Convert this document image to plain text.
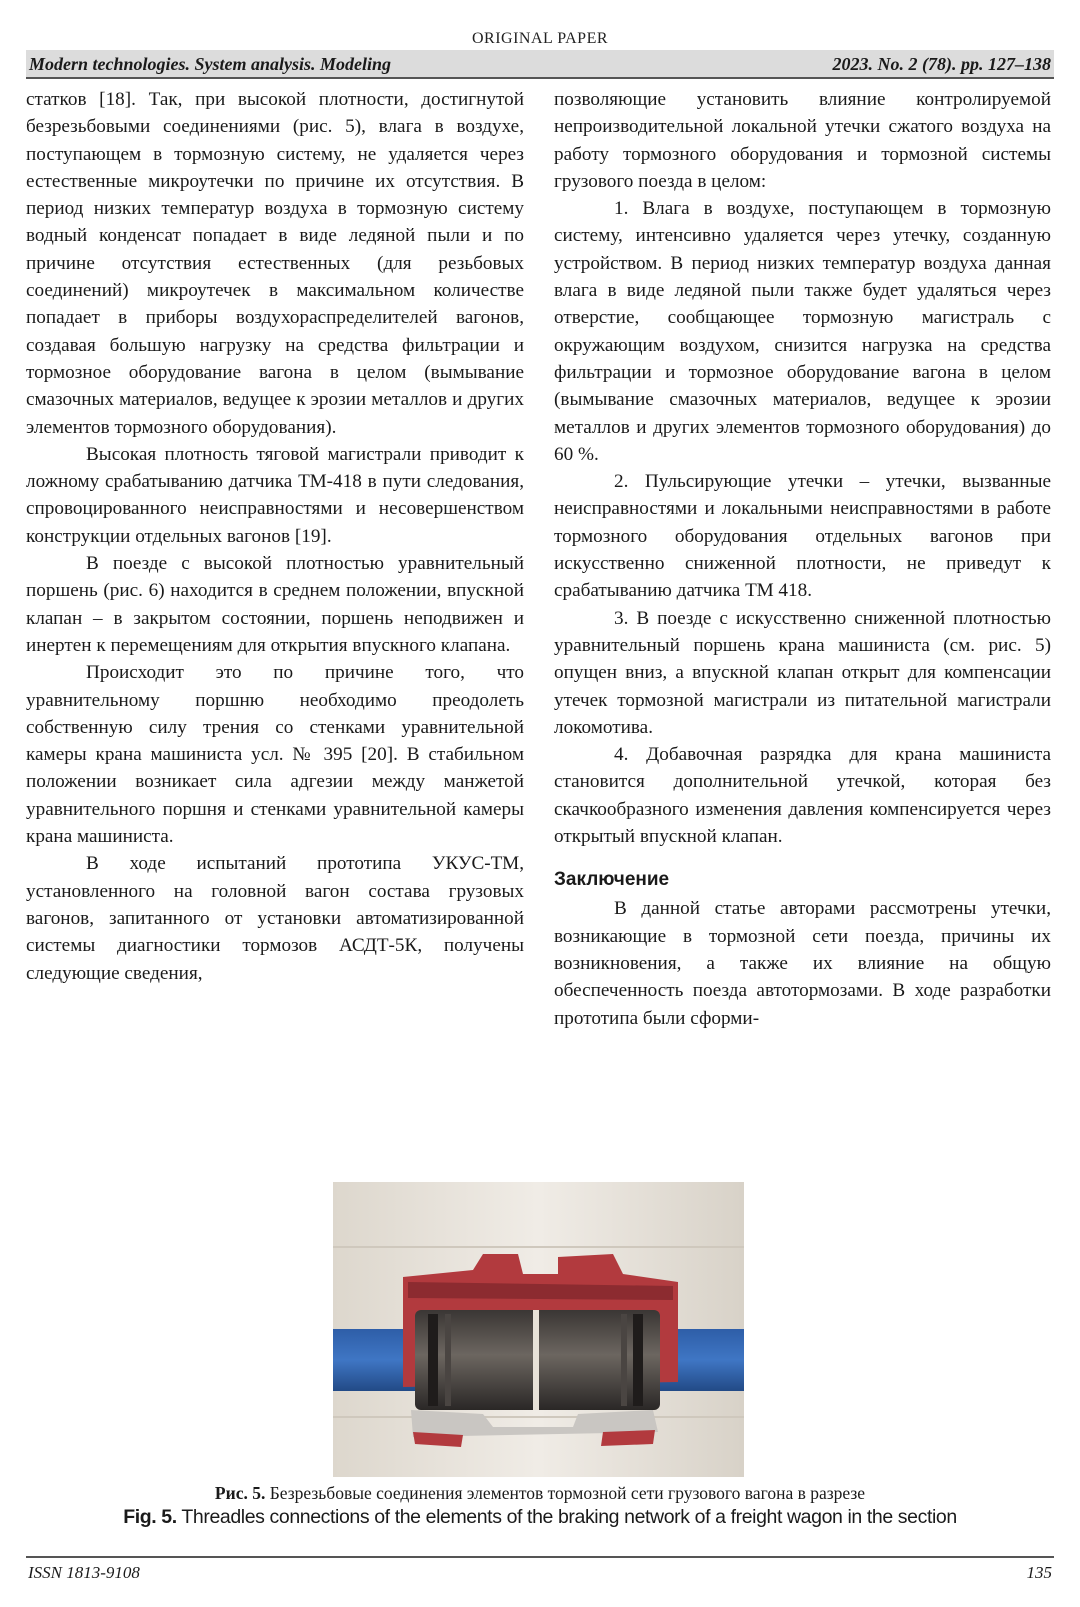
ORIGINAL PAPER
Modern technologies. System analysis. Modeling	2023. No. 2 (78). pp. 127–138

статков [18]. Так, при высокой плотности, достигнутой безрезьбовыми соединениями (рис. 5), влага в воздухе, поступающем в тормозную систему, не удаляется через естественные микроутечки по причине их отсутствия. В период низких температур воздуха в тормозную систему водный конденсат попадает в виде ледяной пыли и по причине отсутствия естественных (для резьбовых соединений) микроутечек в максимальном количестве попадает в приборы воздухораспределителей вагонов, создавая большую нагрузку на средства фильтрации и тормозное оборудование вагона в целом (вымывание смазочных материалов, ведущее к эрозии металлов и других элементов тормозного оборудования).

Высокая плотность тяговой магистрали приводит к ложному срабатыванию датчика ТМ-418 в пути следования, спровоцированного неисправностями и несовершенством конструкции отдельных вагонов [19].

В поезде с высокой плотностью уравнительный поршень (рис. 6) находится в среднем положении, впускной клапан – в закрытом состоянии, поршень неподвижен и инертен к перемещениям для открытия впускного клапана.

Происходит это по причине того, что уравнительному поршню необходимо преодолеть собственную силу трения со стенками уравнительной камеры крана машиниста усл. № 395 [20]. В стабильном положении возникает сила адгезии между манжетой уравнительного поршня и стенками уравнительной камеры крана машиниста.

В ходе испытаний прототипа УКУС-ТМ, установленного на головной вагон состава грузовых вагонов, запитанного от установки автоматизированной системы диагностики тормозов АСДТ-5К, получены следующие сведения,

позволяющие установить влияние контролируемой непроизводительной локальной утечки сжатого воздуха на работу тормозного оборудования и тормозной системы грузового поезда в целом:

1. Влага в воздухе, поступающем в тормозную систему, интенсивно удаляется через утечку, созданную устройством. В период низких температур воздуха данная влага в виде ледяной пыли также будет удаляться через отверстие, сообщающее тормозную магистраль с окружающим воздухом, снизится нагрузка на средства фильтрации и тормозное оборудование вагона в целом (вымывание смазочных материалов, ведущее к эрозии металлов и других элементов тормозного оборудования) до 60 %.

2. Пульсирующие утечки – утечки, вызванные неисправностями и локальными неисправностями в работе тормозного оборудования отдельных вагонов при искусственно сниженной плотности, не приведут к срабатыванию датчика ТМ 418.

3. В поезде с искусственно сниженной плотностью уравнительный поршень крана машиниста (см. рис. 5) опущен вниз, а впускной клапан открыт для компенсации утечек тормозной магистрали из питательной магистрали локомотива.

4. Добавочная разрядка для крана машиниста становится дополнительной утечкой, которая без скачкообразного изменения давления компенсируется через открытый впускной клапан.

Заключение

В данной статье авторами рассмотрены утечки, возникающие в тормозной сети поезда, причины их возникновения, а также их влияние на общую обеспеченность поезда автотормозами. В ходе разработки прототипа были сформи-

Рис. 5. Безрезьбовые соединения элементов тормозной сети грузового вагона в разрезе
Fig. 5. Threadles connections of the elements of the braking network of a freight wagon in the section
ISSN 1813-9108	135
